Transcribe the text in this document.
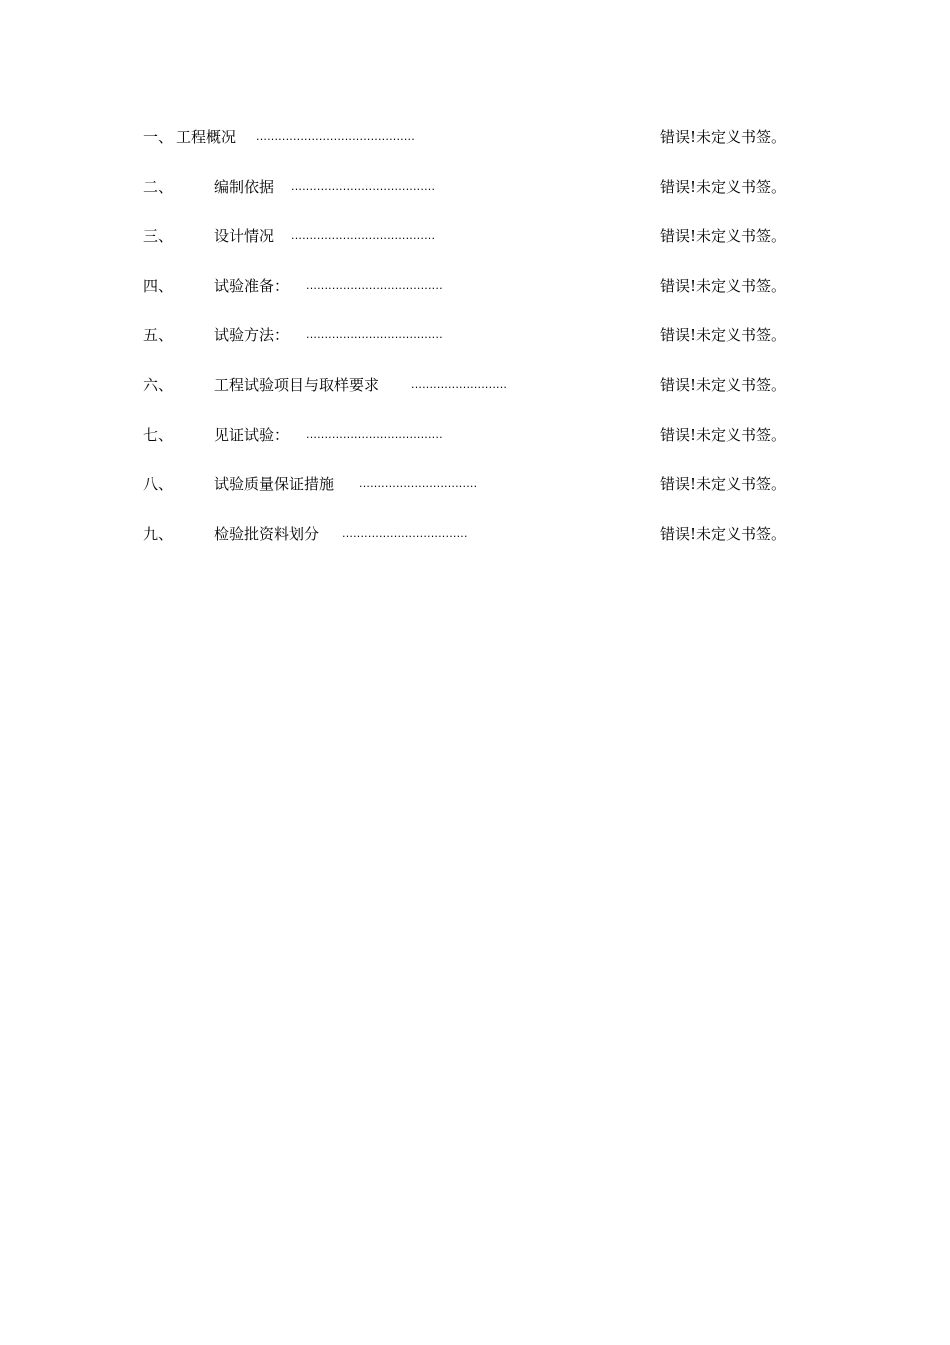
一、 工程概况 ...........................................	错误!未定义书签。
二、	编制依据 .......................................	错误!未定义书签。
三、	设计情况 .......................................	错误!未定义书签。
四、	试验准备： .....................................	错误!未定义书签。
五、	试验方法： .....................................	错误!未定义书签。
六、	工程试验项目与取样要求	..........................	错误!未定义书签。
七、	见证试验： .....................................	错误!未定义书签。
八、	试验质量保证措施 ................................	错误!未定义书签。
九、	检验批资料划分 ..................................	错误!未定义书签。
